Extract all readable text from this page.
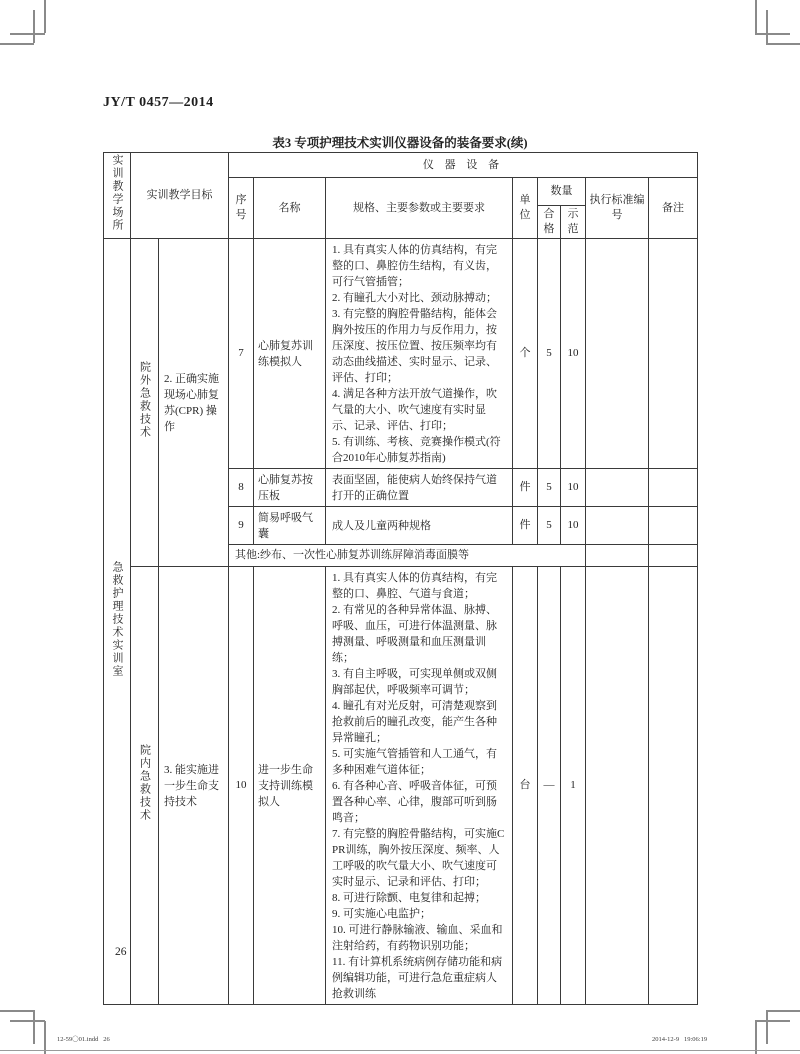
JY/T 0457—2014
表3 专项护理技术实训仪器设备的装备要求(续)
实训教学场所	实训教学目标		仪 器 设 备							
			序号	名称	规格、主要参数或主要要求	单位	数量		执行标准编号	备注
							合格	示范		
急救护理技术实训室	院外急救技术	2. 正确实施现场心肺复苏(CPR) 操作	7	心肺复苏训练模拟人	1. 具有真实人体的仿真结构，有完整的口、鼻腔仿生结构，有义齿，可行气管插管；
2. 有瞳孔大小对比、颈动脉搏动；
3. 有完整的胸腔骨骼结构，能体会胸外按压的作用力与反作用力，按压深度、按压位置、按压频率均有动态曲线描述、实时显示、记录、评估、打印；
4. 满足各种方法开放气道操作，吹气量的大小、吹气速度有实时显示、记录、评估、打印；
5. 有训练、考核、竞赛操作模式(符合2010年心肺复苏指南)	个	5	10		
			8	心肺复苏按压板	表面坚固，能使病人始终保持气道打开的正确位置	件	5	10		
			9	简易呼吸气囊	成人及儿童两种规格	件	5	10		
			其他:纱布、一次性心肺复苏训练屏障消毒面膜等							
院内急救技术	3. 能实施进一步生命支持技术	10	进一步生命支持训练模拟人	
1. 具有真实人体的仿真结构，有完整的口、鼻腔、气道与食道；
2. 有常见的各种异常体温、脉搏、呼吸、血压，可进行体温测量、脉搏测量、呼吸测量和血压测量训练；
3. 有自主呼吸，可实现单侧或双侧胸部起伏，呼吸频率可调节；
4. 瞳孔有对光反射，可清楚观察到抢救前后的瞳孔改变，能产生各种异常瞳孔；
5. 可实施气管插管和人工通气，有多种困难气道体征；
6. 有各种心音、呼吸音体征，可预置各种心率、心律，腹部可听到肠鸣音；
7. 有完整的胸腔骨骼结构，可实施CPR训练，胸外按压深度、频率、人工呼吸的吹气量大小、吹气速度可实时显示、记录和评估、打印；
8. 可进行除颤、电复律和起搏；
9. 可实施心电监护；
10. 可进行静脉输液、输血、采血和注射给药，有药物识别功能；
11. 有计算机系统病例存储功能和病例编辑功能，可进行急危重症病人抢救训练
	台	—	1		
26
12-59〇01.indd   26	2014-12-9   19:06:19
